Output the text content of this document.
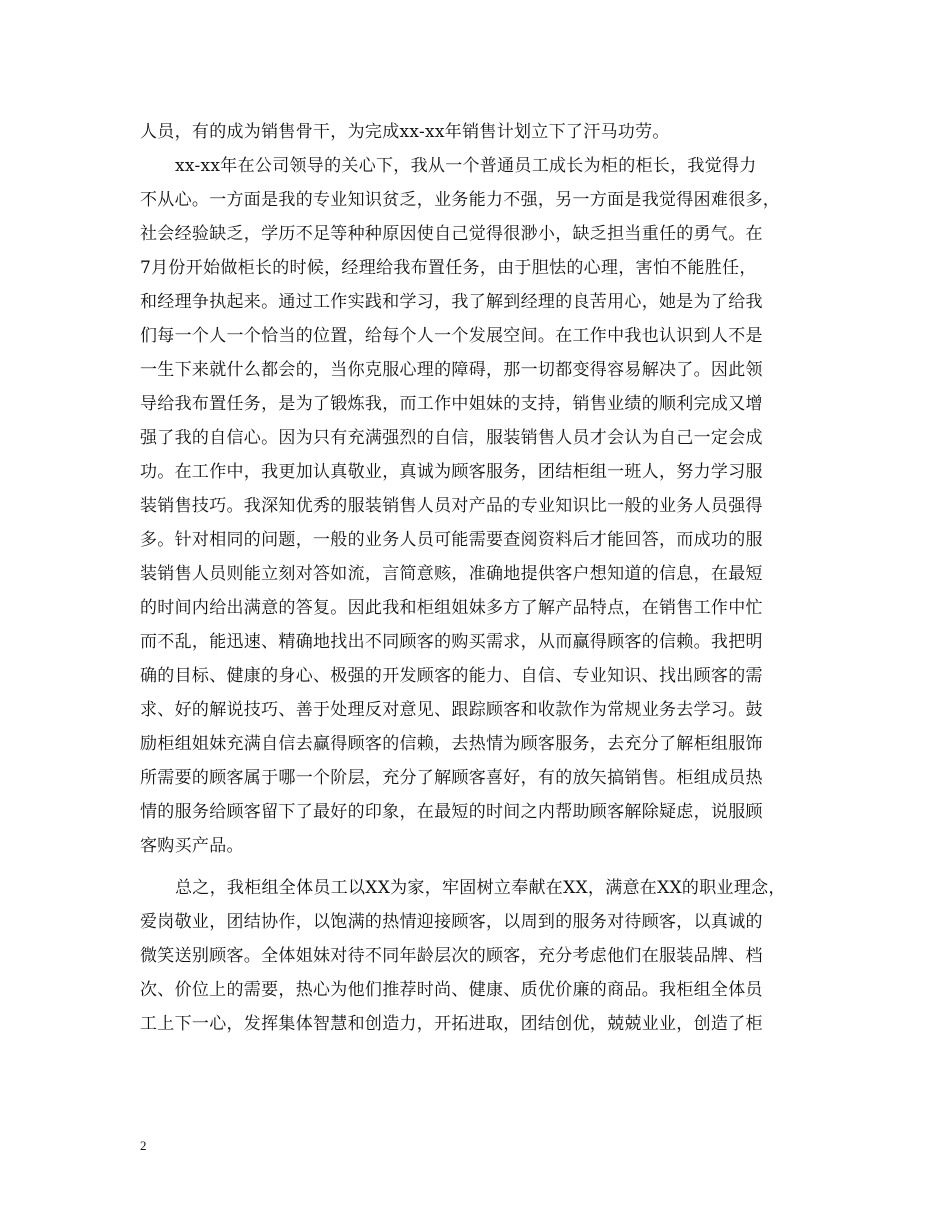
人员，有的成为销售骨干，为完成xx-xx年销售计划立下了汗马功劳。
xx-xx年在公司领导的关心下，我从一个普通员工成长为柜的柜长，我觉得力
不从心。一方面是我的专业知识贫乏，业务能力不强，另一方面是我觉得困难很多，
社会经验缺乏，学历不足等种种原因使自己觉得很渺小，缺乏担当重任的勇气。在
7月份开始做柜长的时候，经理给我布置任务，由于胆怯的心理，害怕不能胜任，
和经理争执起来。通过工作实践和学习，我了解到经理的良苦用心，她是为了给我
们每一个人一个恰当的位置，给每个人一个发展空间。在工作中我也认识到人不是
一生下来就什么都会的，当你克服心理的障碍，那一切都变得容易解决了。因此领
导给我布置任务，是为了锻炼我，而工作中姐妹的支持，销售业绩的顺利完成又增
强了我的自信心。因为只有充满强烈的自信，服装销售人员才会认为自己一定会成
功。在工作中，我更加认真敬业，真诚为顾客服务，团结柜组一班人，努力学习服
装销售技巧。我深知优秀的服装销售人员对产品的专业知识比一般的业务人员强得
多。针对相同的问题，一般的业务人员可能需要查阅资料后才能回答，而成功的服
装销售人员则能立刻对答如流，言简意赅，准确地提供客户想知道的信息，在最短
的时间内给出满意的答复。因此我和柜组姐妹多方了解产品特点，在销售工作中忙
而不乱，能迅速、精确地找出不同顾客的购买需求，从而赢得顾客的信赖。我把明
确的目标、健康的身心、极强的开发顾客的能力、自信、专业知识、找出顾客的需
求、好的解说技巧、善于处理反对意见、跟踪顾客和收款作为常规业务去学习。鼓
励柜组姐妹充满自信去赢得顾客的信赖，去热情为顾客服务，去充分了解柜组服饰
所需要的顾客属于哪一个阶层，充分了解顾客喜好，有的放矢搞销售。柜组成员热
情的服务给顾客留下了最好的印象，在最短的时间之内帮助顾客解除疑虑，说服顾
客购买产品。
总之，我柜组全体员工以XX为家，牢固树立奉献在XX，满意在XX的职业理念，
爱岗敬业，团结协作，以饱满的热情迎接顾客，以周到的服务对待顾客，以真诚的
微笑送别顾客。全体姐妹对待不同年龄层次的顾客，充分考虑他们在服装品牌、档
次、价位上的需要，热心为他们推荐时尚、健康、质优价廉的商品。我柜组全体员
工上下一心，发挥集体智慧和创造力，开拓进取，团结创优，兢兢业业，创造了柜
2
